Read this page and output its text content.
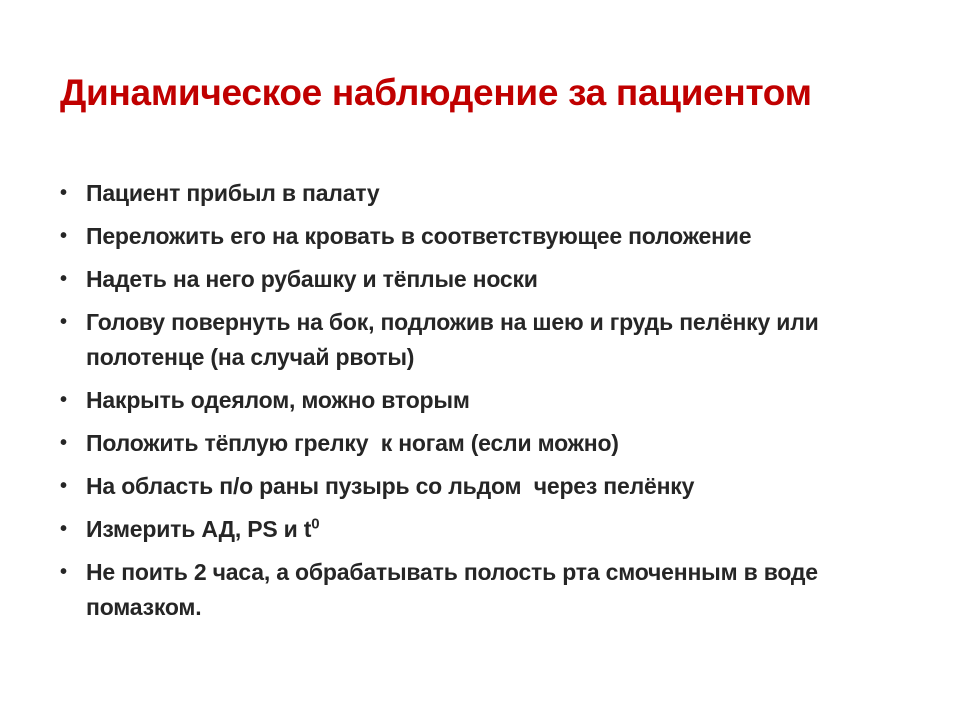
Динамическое наблюдение за пациентом
• Пациент прибыл в палату
• Переложить его на кровать в соответствующее положение
• Надеть на него рубашку и тёплые носки
• Голову повернуть на бок, подложив на шею и грудь пелёнку или полотенце (на случай рвоты)
• Накрыть одеялом, можно вторым
• Положить тёплую грелку  к ногам (если можно)
• На область п/о раны пузырь со льдом  через пелёнку
• Измерить АД, PS и $t^0$
• Не поить 2 часа, а обрабатывать полость рта смоченным в воде помазком.
